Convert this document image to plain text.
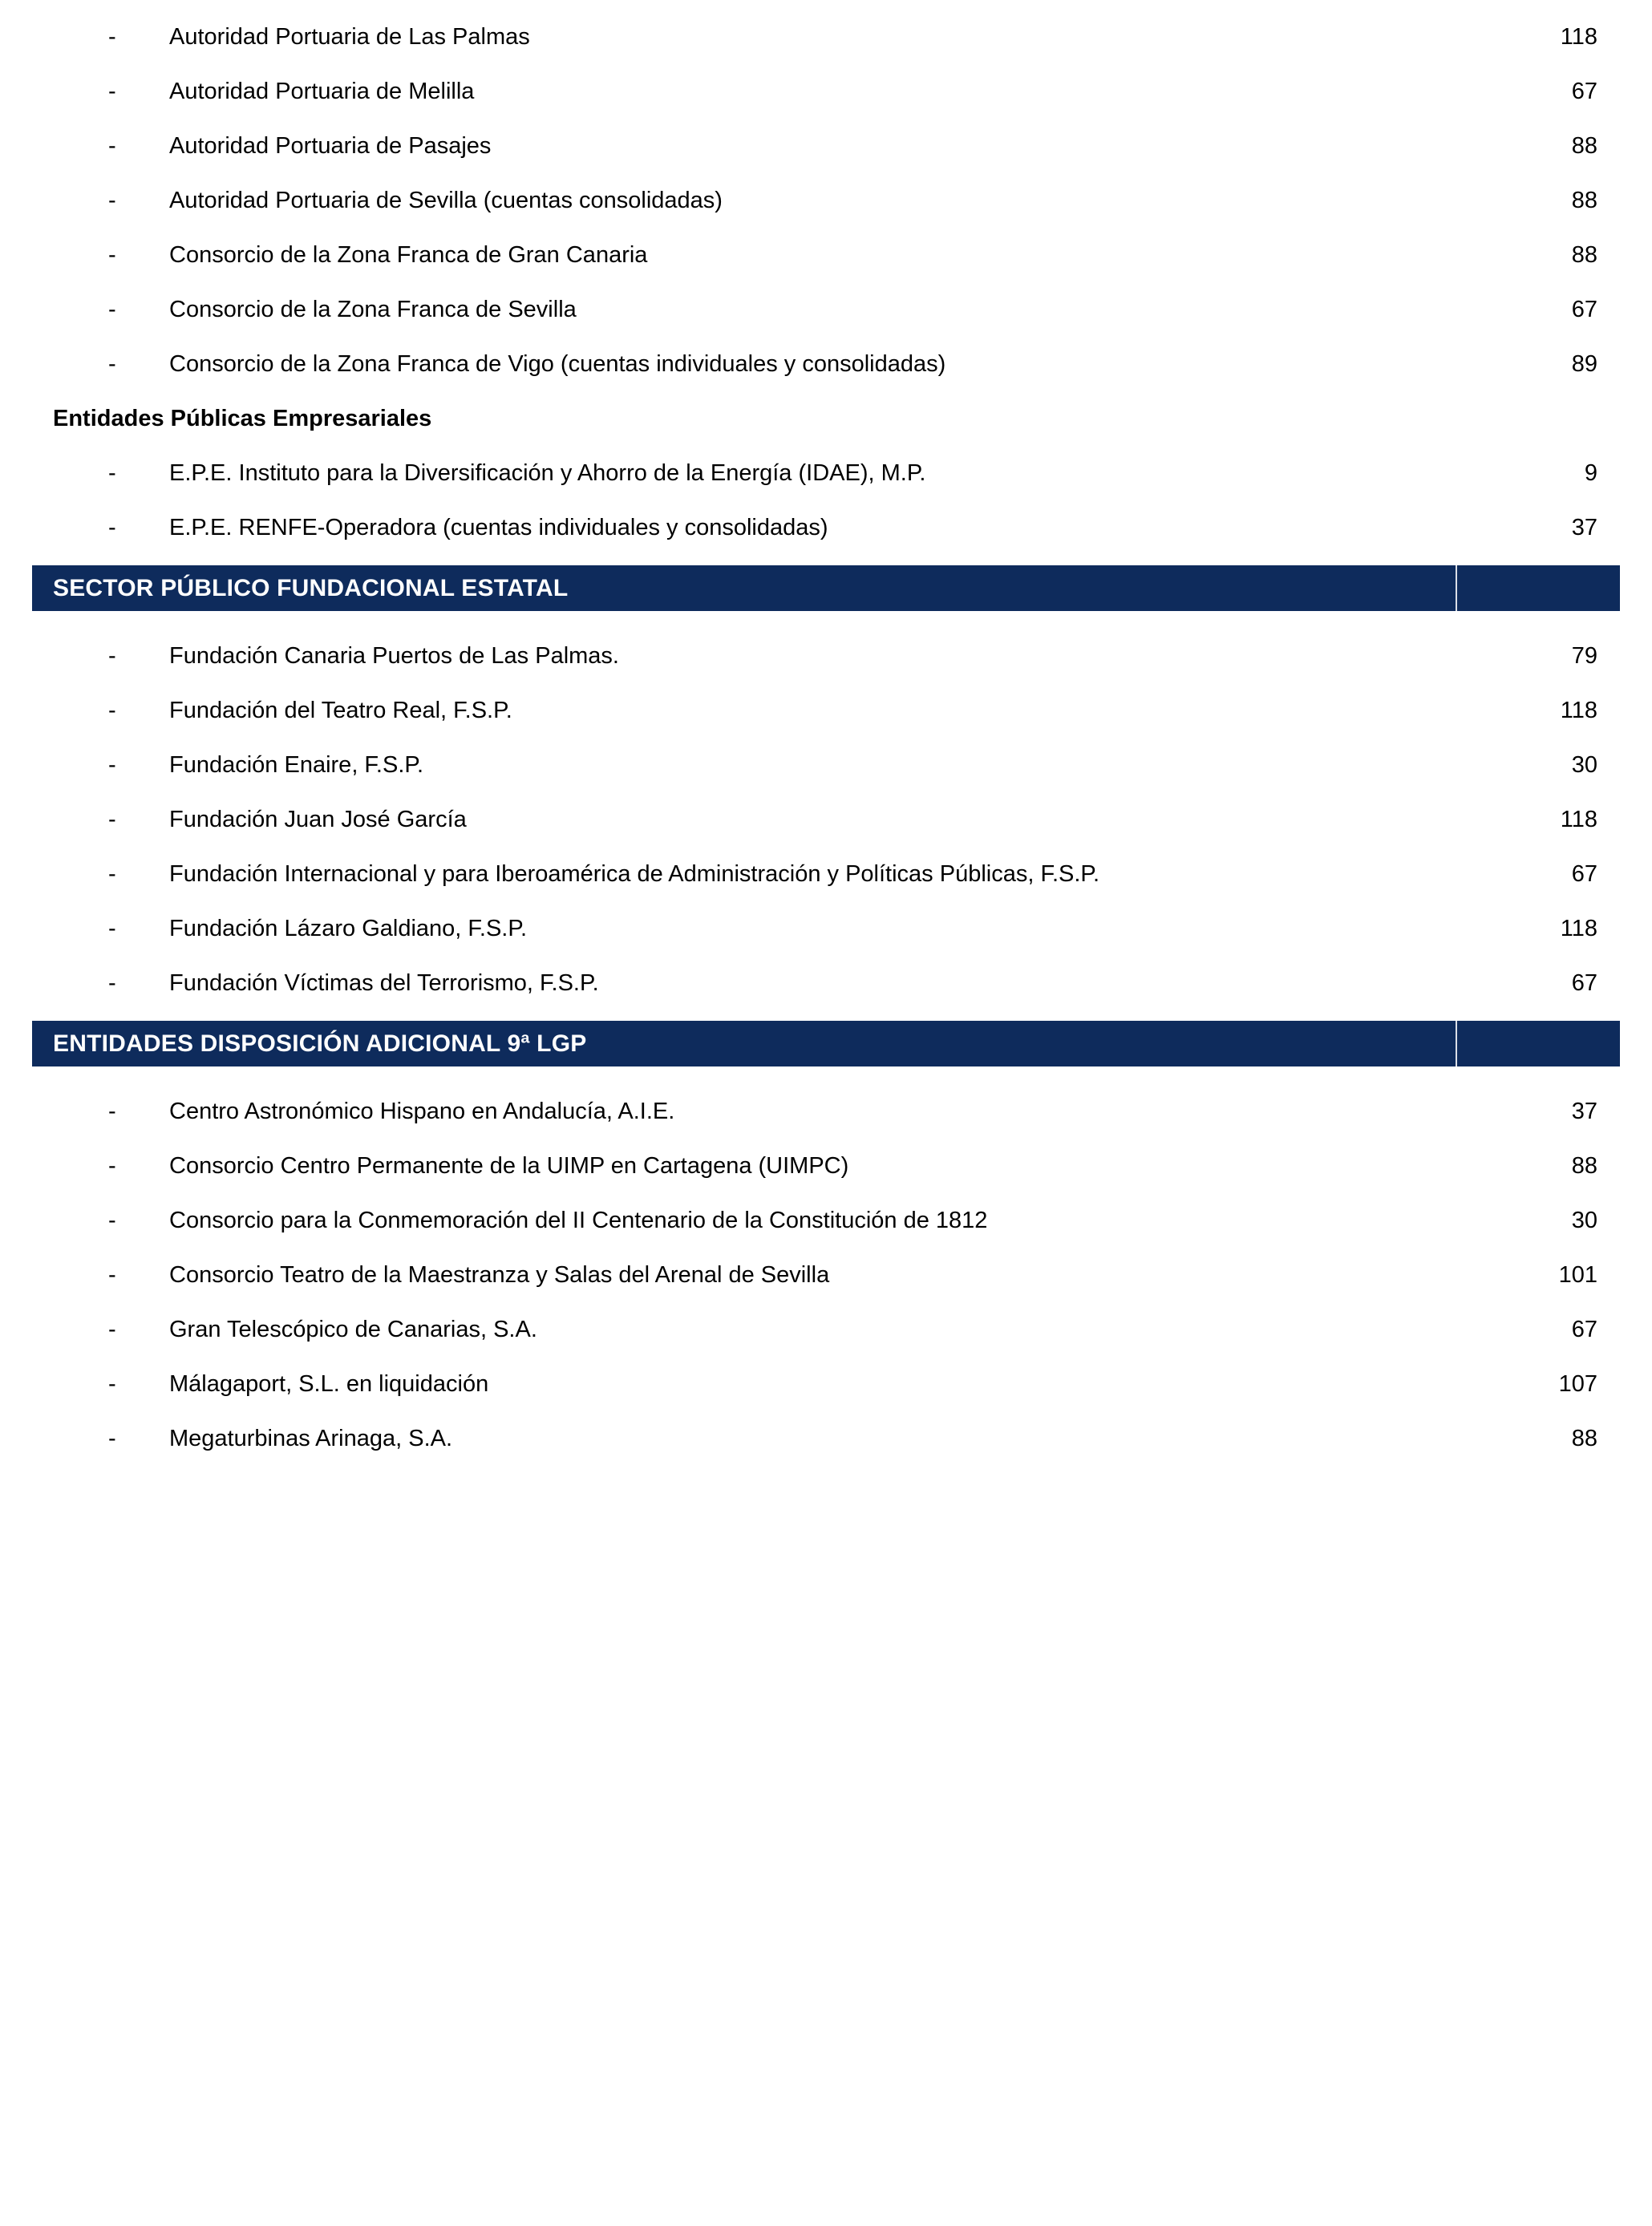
-	Autoridad Portuaria de Las Palmas	118
-	Autoridad Portuaria de Melilla	67
-	Autoridad Portuaria de Pasajes	88
-	Autoridad Portuaria de Sevilla (cuentas consolidadas)	88
-	Consorcio de la Zona Franca de Gran Canaria	88
-	Consorcio de la Zona Franca de Sevilla	67
-	Consorcio de la Zona Franca de Vigo (cuentas individuales y consolidadas)	89
Entidades Públicas Empresariales
-	E.P.E. Instituto para la Diversificación y Ahorro de la Energía (IDAE), M.P.	9
-	E.P.E. RENFE-Operadora (cuentas individuales y consolidadas)	37
SECTOR PÚBLICO FUNDACIONAL ESTATAL
-	Fundación Canaria Puertos de Las Palmas.	79
-	Fundación del Teatro Real, F.S.P.	118
-	Fundación Enaire, F.S.P.	30
-	Fundación Juan José García	118
-	Fundación Internacional y para Iberoamérica de Administración y Políticas Públicas, F.S.P.	67
-	Fundación Lázaro Galdiano, F.S.P.	118
-	Fundación Víctimas del Terrorismo, F.S.P.	67
ENTIDADES DISPOSICIÓN ADICIONAL 9ª LGP
-	Centro Astronómico Hispano en Andalucía, A.I.E.	37
-	Consorcio Centro Permanente de la UIMP en Cartagena (UIMPC)	88
-	Consorcio para la Conmemoración del II Centenario de la Constitución de 1812	30
-	Consorcio Teatro de la Maestranza y Salas del Arenal de Sevilla	101
-	Gran Telescópico de Canarias, S.A.	67
-	Málagaport, S.L. en liquidación	107
-	Megaturbinas Arinaga, S.A.	88
